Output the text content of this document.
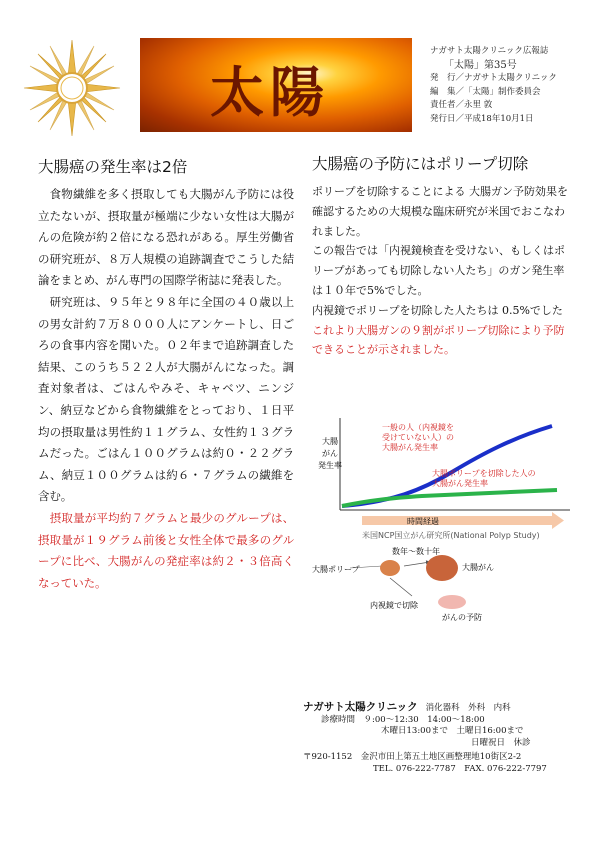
太陽
ナガサト太陽クリニック広報誌
「太陽」第35号
発　行／ナガサト太陽クリニック
編　集／「太陽」制作委員会
責任者／永里 敦
発行日／平成18年10月1日
大腸癌の発生率は2倍

　食物繊維を多く摂取しても大腸がん予防には役立たないが、摂取量が極端に少ない女性は大腸がんの危険が約２倍になる恐れがある。厚生労働省の研究班が、８万人規模の追跡調査でこうした結論をまとめ、がん専門の国際学術誌に発表した。

　研究班は、９５年と９８年に全国の４０歳以上の男女計約７万８０００人にアンケートし、日ごろの食事内容を聞いた。０２年まで追跡調査した結果、このうち５２２人が大腸がんになった。調査対象者は、ごはんやみそ、キャベツ、ニンジン、納豆などから食物繊維をとっており、１日平均の摂取量は男性約１１グラム、女性約１３グラムだった。ごはん１００グラムは約０・２２グラム、納豆１００グラムは約６・７グラムの繊維を含む。

　摂取量が平均約７グラムと最少のグループは、摂取量が１９グラム前後と女性全体で最多のグループに比べ、大腸がんの発症率は約２・３倍高くなっていた。

大腸癌の予防にはポリープ切除

ポリープを切除することによる 大腸ガン予防効果を確認するための大規模な臨床研究が米国でおこなわれました。

この報告では「内視鏡検査を受けない、もしくはポリープがあっても切除しない人たち」のガン発生率は１０年で5%でした。

内視鏡でポリープを切除した人たちは 0.5%でした

これより大腸ガンの９割がポリープ切除により予防できることが示されました。

大腸
がん
発生率
一般の人（内視鏡を
受けていない人）の
大腸がん発生率
大腸ポリープを切除した人の
大腸がん発生率
時間経過
米国NCP国立がん研究所(National Polyp Study)
大腸ポリープ
数年〜数十年
大腸がん
内視鏡で切除
がんの予防
ナガサト太陽クリニック 消化器科　外科　内科
診療時間　 ９:00〜12:30　14:00〜18:00
木曜日13:00まで　土曜日16:00まで
日曜祝日　休診
〒920-1152　 金沢市田上第五土地区画整理地10街区2-2
TEL. 076-222-7787　FAX. 076-222-7797
